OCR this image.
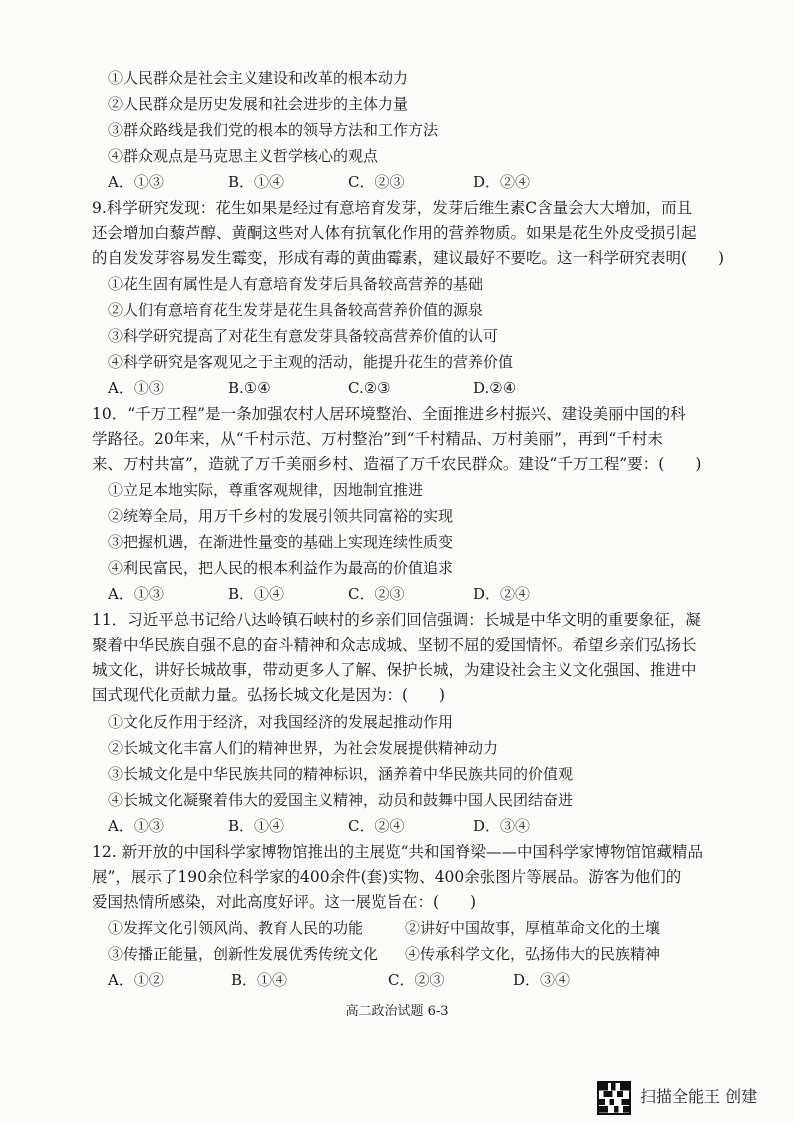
①人民群众是社会主义建设和改革的根本动力
②人民群众是历史发展和社会进步的主体力量
③群众路线是我们党的根本的领导方法和工作方法
④群众观点是马克思主义哲学核心的观点
A．①③	B．①④	C．②③	D．②④
9.科学研究发现：花生如果是经过有意培育发芽，发芽后维生素C含量会大大增加，而且
还会增加白藜芦醇、黄酮这些对人体有抗氧化作用的营养物质。如果是花生外皮受损引起
的自发发芽容易发生霉变，形成有毒的黄曲霉素，建议最好不要吃。这一科学研究表明(　　)
①花生固有属性是人有意培育发芽后具备较高营养的基础
②人们有意培育花生发芽是花生具备较高营养价值的源泉
③科学研究提高了对花生有意发芽具备较高营养价值的认可
④科学研究是客观见之于主观的活动，能提升花生的营养价值
A．①③	B.①④	C.②③	D.②④
10．“千万工程”是一条加强农村人居环境整治、全面推进乡村振兴、建设美丽中国的科
学路径。20年来，从“千村示范、万村整治”到“千村精品、万村美丽”，再到“千村未
来、万村共富”，造就了万千美丽乡村、造福了万千农民群众。建设“千万工程”要：(　　)
①立足本地实际，尊重客观规律，因地制宜推进
②统筹全局，用万千乡村的发展引领共同富裕的实现
③把握机遇，在渐进性量变的基础上实现连续性质变
④利民富民，把人民的根本利益作为最高的价值追求
A．①③	B．①④	C．②③	D．②④
11．习近平总书记给八达岭镇石峡村的乡亲们回信强调：长城是中华文明的重要象征，凝
聚着中华民族自强不息的奋斗精神和众志成城、坚韧不屈的爱国情怀。希望乡亲们弘扬长
城文化，讲好长城故事，带动更多人了解、保护长城，为建设社会主义文化强国、推进中
国式现代化贡献力量。弘扬长城文化是因为：(　　)
①文化反作用于经济，对我国经济的发展起推动作用
②长城文化丰富人们的精神世界，为社会发展提供精神动力
③长城文化是中华民族共同的精神标识，涵养着中华民族共同的价值观
④长城文化凝聚着伟大的爱国主义精神，动员和鼓舞中国人民团结奋进
A．①③	B．①④	C．②④	D．③④
12. 新开放的中国科学家博物馆推出的主展览“共和国脊梁——中国科学家博物馆馆藏精品
展”，展示了190余位科学家的400余件(套)实物、400余张图片等展品。游客为他们的
爱国热情所感染，对此高度好评。这一展览旨在：(　　)
①发挥文化引领风尚、教育人民的功能	②讲好中国故事，厚植革命文化的土壤
③传播正能量，创新性发展优秀传统文化 ④传承科学文化，弘扬伟大的民族精神
A．①②	B．①④	C．②③	D．③④
高二政治试题 6-3
扫描全能王 创建
